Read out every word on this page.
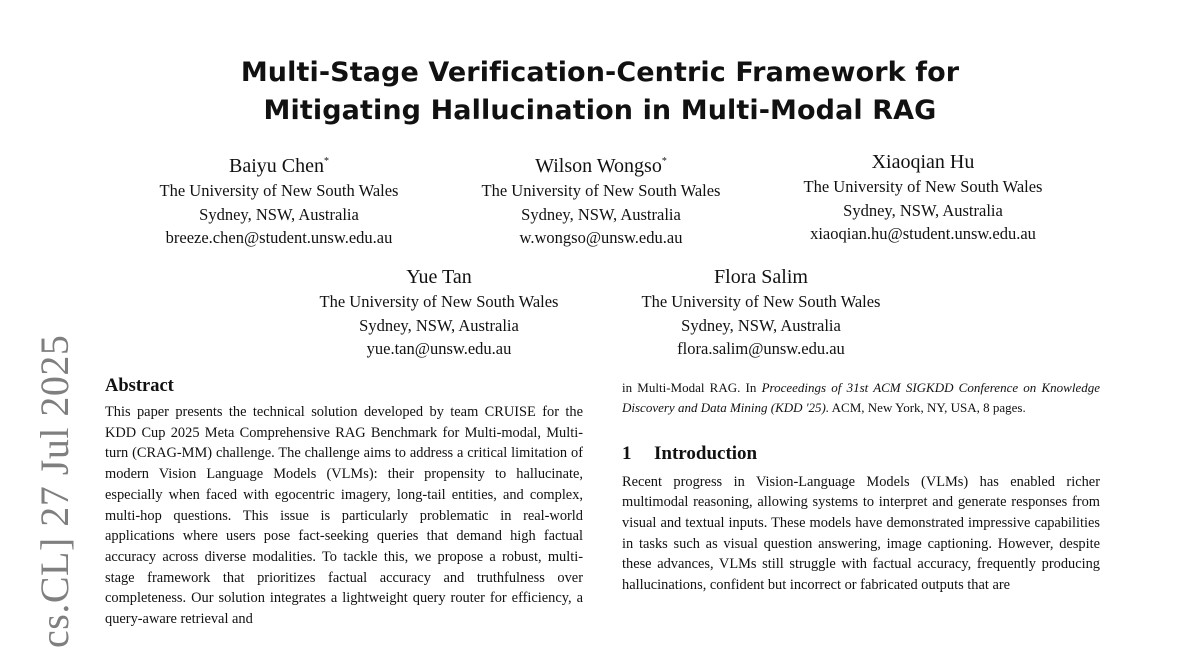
cs.CL] 27 Jul 2025
Multi-Stage Verification-Centric Framework for
Mitigating Hallucination in Multi-Modal RAG
Baiyu Chen*
The University of New South Wales
Sydney, NSW, Australia
breeze.chen@student.unsw.edu.au
Wilson Wongso*
The University of New South Wales
Sydney, NSW, Australia
w.wongso@unsw.edu.au
Xiaoqian Hu
The University of New South Wales
Sydney, NSW, Australia
xiaoqian.hu@student.unsw.edu.au
Yue Tan
The University of New South Wales
Sydney, NSW, Australia
yue.tan@unsw.edu.au
Flora Salim
The University of New South Wales
Sydney, NSW, Australia
flora.salim@unsw.edu.au

Abstract

This paper presents the technical solution developed by team CRUISE for the KDD Cup 2025 Meta Comprehensive RAG Benchmark for Multi-modal, Multi-turn (CRAG-MM) challenge. The challenge aims to address a critical limitation of modern Vision Language Models (VLMs): their propensity to hallucinate, especially when faced with egocentric imagery, long-tail entities, and complex, multi-hop questions. This issue is particularly problematic in real-world applications where users pose fact-seeking queries that demand high factual accuracy across diverse modalities. To tackle this, we propose a robust, multi-stage framework that prioritizes factual accuracy and truthfulness over completeness. Our solution integrates a lightweight query router for efficiency, a query-aware retrieval and

in Multi-Modal RAG. In Proceedings of 31st ACM SIGKDD Conference on Knowledge Discovery and Data Mining (KDD '25). ACM, New York, NY, USA, 8 pages.

1 Introduction

Recent progress in Vision-Language Models (VLMs) has enabled richer multimodal reasoning, allowing systems to interpret and generate responses from visual and textual inputs. These models have demonstrated impressive capabilities in tasks such as visual question answering, image captioning. However, despite these advances, VLMs still struggle with factual accuracy, frequently producing hallucinations, confident but incorrect or fabricated outputs that are
